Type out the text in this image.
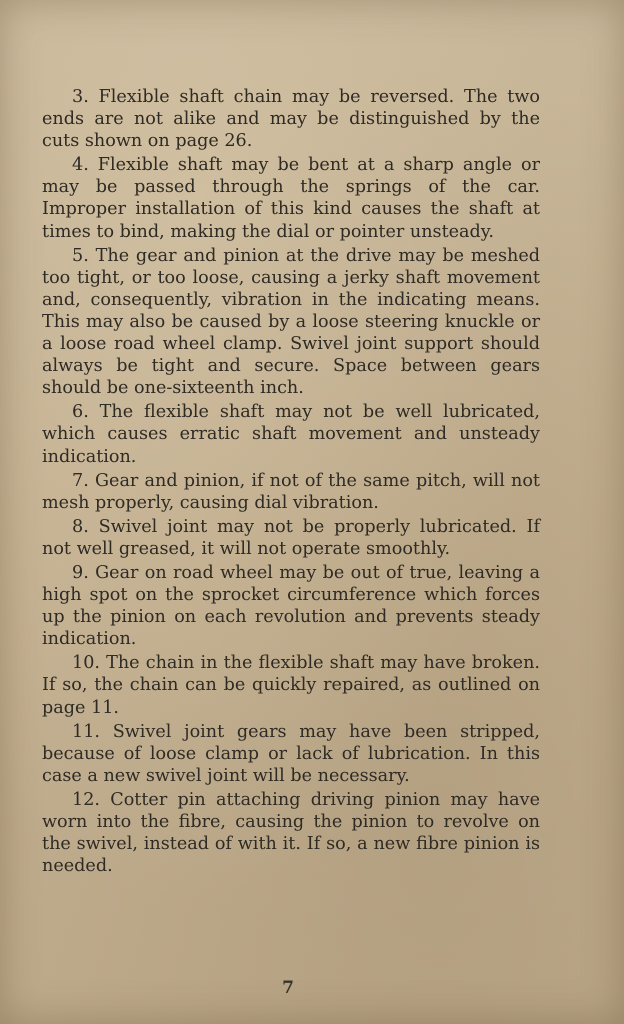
3. Flexible shaft chain may be reversed. The two ends are not alike and may be distinguished by the cuts shown on page 26.

4. Flexible shaft may be bent at a sharp angle or may be passed through the springs of the car. Improper installation of this kind causes the shaft at times to bind, making the dial or pointer unsteady.

5. The gear and pinion at the drive may be meshed too tight, or too loose, causing a jerky shaft movement and, consequently, vibration in the indicating means. This may also be caused by a loose steering knuckle or a loose road wheel clamp. Swivel joint support should always be tight and secure. Space between gears should be one-sixteenth inch.

6. The flexible shaft may not be well lubricated, which causes erratic shaft movement and unsteady indication.

7. Gear and pinion, if not of the same pitch, will not mesh properly, causing dial vibration.

8. Swivel joint may not be properly lubricated. If not well greased, it will not operate smoothly.

9. Gear on road wheel may be out of true, leaving a high spot on the sprocket circumference which forces up the pinion on each revolution and prevents steady indication.

10. The chain in the flexible shaft may have broken. If so, the chain can be quickly repaired, as outlined on page 11.

11. Swivel joint gears may have been stripped, because of loose clamp or lack of lubrication. In this case a new swivel joint will be necessary.

12. Cotter pin attaching driving pinion may have worn into the fibre, causing the pinion to revolve on the swivel, instead of with it. If so, a new fibre pinion is needed.

7
